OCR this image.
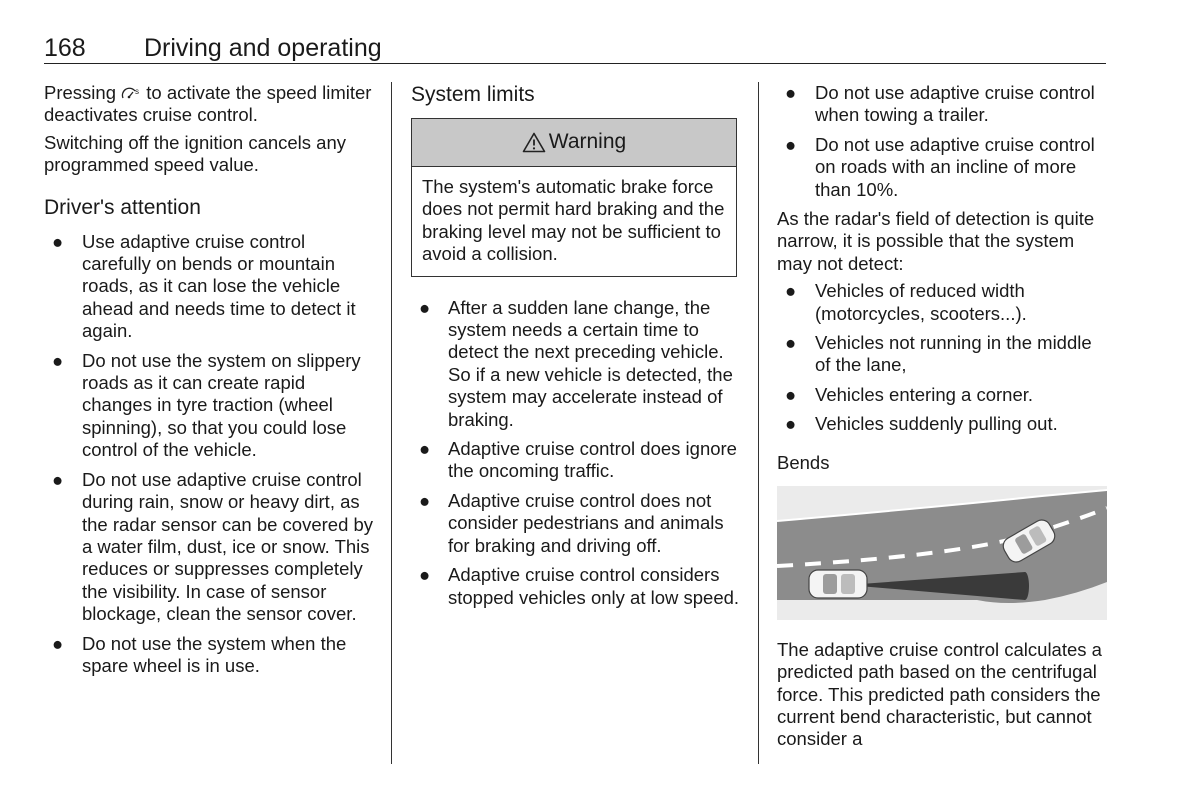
168 Driving and operating

Pressing s to activate the speed limiter deactivates cruise control.

Switching off the ignition cancels any programmed speed value.

Driver's attention
● Use adaptive cruise control carefully on bends or mountain roads, as it can lose the vehicle ahead and needs time to detect it again.
● Do not use the system on slippery roads as it can create rapid changes in tyre traction (wheel spinning), so that you could lose control of the vehicle.
● Do not use adaptive cruise control during rain, snow or heavy dirt, as the radar sensor can be covered by a water film, dust, ice or snow. This reduces or suppresses completely the visibility. In case of sensor blockage, clean the sensor cover.
● Do not use the system when the spare wheel is in use.
System limits
Warning
The system's automatic brake force does not permit hard braking and the braking level may not be sufficient to avoid a collision.
● After a sudden lane change, the system needs a certain time to detect the next preceding vehicle. So if a new vehicle is detected, the system may accelerate instead of braking.
● Adaptive cruise control does ignore the oncoming traffic.
● Adaptive cruise control does not consider pedestrians and animals for braking and driving off.
● Adaptive cruise control considers stopped vehicles only at low speed.
● Do not use adaptive cruise control when towing a trailer.
● Do not use adaptive cruise control on roads with an incline of more than 10%.

As the radar's field of detection is quite narrow, it is possible that the system may not detect:

● Vehicles of reduced width (motorcycles, scooters...).
● Vehicles not running in the middle of the lane,
● Vehicles entering a corner.
● Vehicles suddenly pulling out.
Bends

The adaptive cruise control calculates a predicted path based on the centrifugal force. This predicted path considers the current bend characteristic, but cannot consider a
